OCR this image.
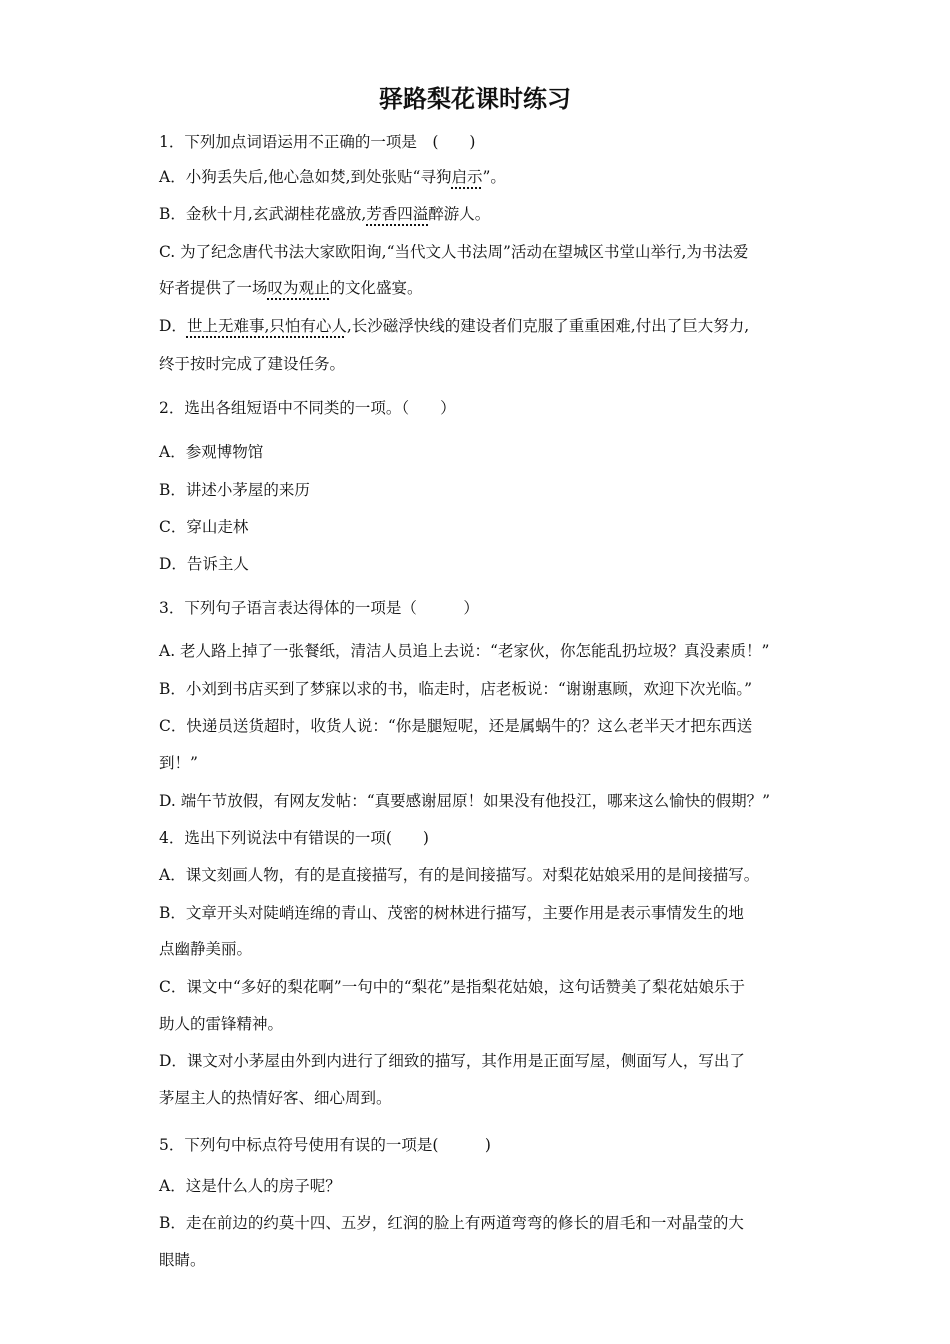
驿路梨花课时练习
1．下列加点词语运用不正确的一项是　(　　)
A．小狗丢失后,他心急如焚,到处张贴“寻狗启示”。
B．金秋十月,玄武湖桂花盛放,芳香四溢醉游人。
C. 为了纪念唐代书法大家欧阳询,“当代文人书法周”活动在望城区书堂山举行,为书法爱
好者提供了一场叹为观止的文化盛宴。
D．世上无难事,只怕有心人,长沙磁浮快线的建设者们克服了重重困难,付出了巨大努力,
终于按时完成了建设任务。
2．选出各组短语中不同类的一项。（　　）
A．参观博物馆
B．讲述小茅屋的来历
C．穿山走林
D．告诉主人
3．下列句子语言表达得体的一项是（　　　）
A. 老人路上掉了一张餐纸，清洁人员追上去说：“老家伙，你怎能乱扔垃圾？真没素质！”
B．小刘到书店买到了梦寐以求的书，临走时，店老板说：“谢谢惠顾，欢迎下次光临。”
C．快递员送货超时，收货人说：“你是腿短呢，还是属蜗牛的？这么老半天才把东西送
到！”
D. 端午节放假，有网友发帖：“真要感谢屈原！如果没有他投江，哪来这么愉快的假期？”
4．选出下列说法中有错误的一项(　　)
A．课文刻画人物，有的是直接描写，有的是间接描写。对梨花姑娘采用的是间接描写。
B．文章开头对陡峭连绵的青山、茂密的树林进行描写，主要作用是表示事情发生的地
点幽静美丽。
C．课文中“多好的梨花啊”一句中的“梨花”是指梨花姑娘，这句话赞美了梨花姑娘乐于
助人的雷锋精神。
D．课文对小茅屋由外到内进行了细致的描写，其作用是正面写屋，侧面写人，写出了
茅屋主人的热情好客、细心周到。
5．下列句中标点符号使用有误的一项是(　　　)
A．这是什么人的房子呢？
B．走在前边的约莫十四、五岁，红润的脸上有两道弯弯的修长的眉毛和一对晶莹的大
眼睛。
